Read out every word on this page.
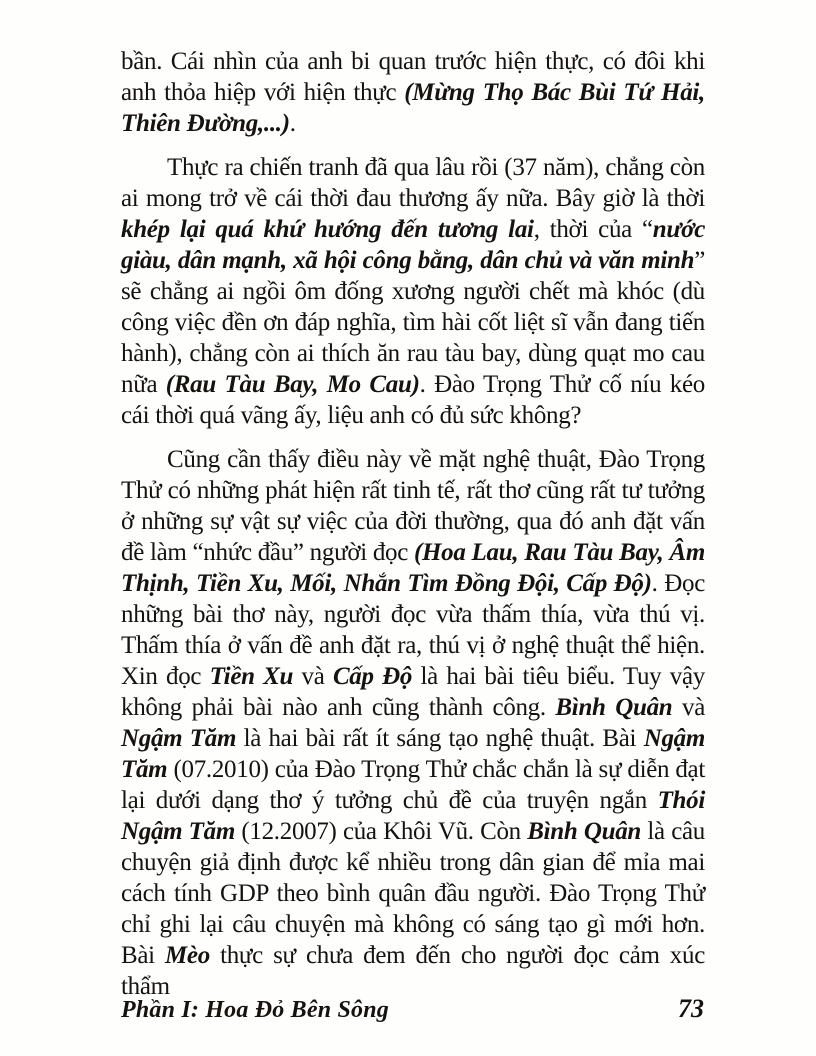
bần. Cái nhìn của anh bi quan trước hiện thực, có đôi khi anh thỏa hiệp với hiện thực (Mừng Thọ Bác Bùi Tứ Hải, Thiên Đường,...).

Thực ra chiến tranh đã qua lâu rồi (37 năm), chẳng còn ai mong trở về cái thời đau thương ấy nữa. Bây giờ là thời khép lại quá khứ hướng đến tương lai, thời của “nước giàu, dân mạnh, xã hội công bằng, dân chủ và văn minh” sẽ chẳng ai ngồi ôm đống xương người chết mà khóc (dù công việc đền ơn đáp nghĩa, tìm hài cốt liệt sĩ vẫn đang tiến hành), chẳng còn ai thích ăn rau tàu bay, dùng quạt mo cau nữa (Rau Tàu Bay, Mo Cau). Đào Trọng Thử cố níu kéo cái thời quá vãng ấy, liệu anh có đủ sức không?

Cũng cần thấy điều này về mặt nghệ thuật, Đào Trọng Thử có những phát hiện rất tinh tế, rất thơ cũng rất tư tưởng ở những sự vật sự việc của đời thường, qua đó anh đặt vấn đề làm “nhức đầu” người đọc (Hoa Lau, Rau Tàu Bay, Âm Thịnh, Tiền Xu, Mối, Nhắn Tìm Đồng Đội, Cấp Độ). Đọc những bài thơ này, người đọc vừa thấm thía, vừa thú vị. Thấm thía ở vấn đề anh đặt ra, thú vị ở nghệ thuật thể hiện. Xin đọc Tiền Xu và Cấp Độ là hai bài tiêu biểu. Tuy vậy không phải bài nào anh cũng thành công. Bình Quân và Ngậm Tăm là hai bài rất ít sáng tạo nghệ thuật. Bài Ngậm Tăm (07.2010) của Đào Trọng Thử chắc chắn là sự diễn đạt lại dưới dạng thơ ý tưởng chủ đề của truyện ngắn Thói Ngậm Tăm (12.2007) của Khôi Vũ. Còn Bình Quân là câu chuyện giả định được kể nhiều trong dân gian để mỉa mai cách tính GDP theo bình quân đầu người. Đào Trọng Thử chỉ ghi lại câu chuyện mà không có sáng tạo gì mới hơn. Bài Mèo thực sự chưa đem đến cho người đọc cảm xúc thẩm

Phần I: Hoa Đỏ Bên Sông	73
